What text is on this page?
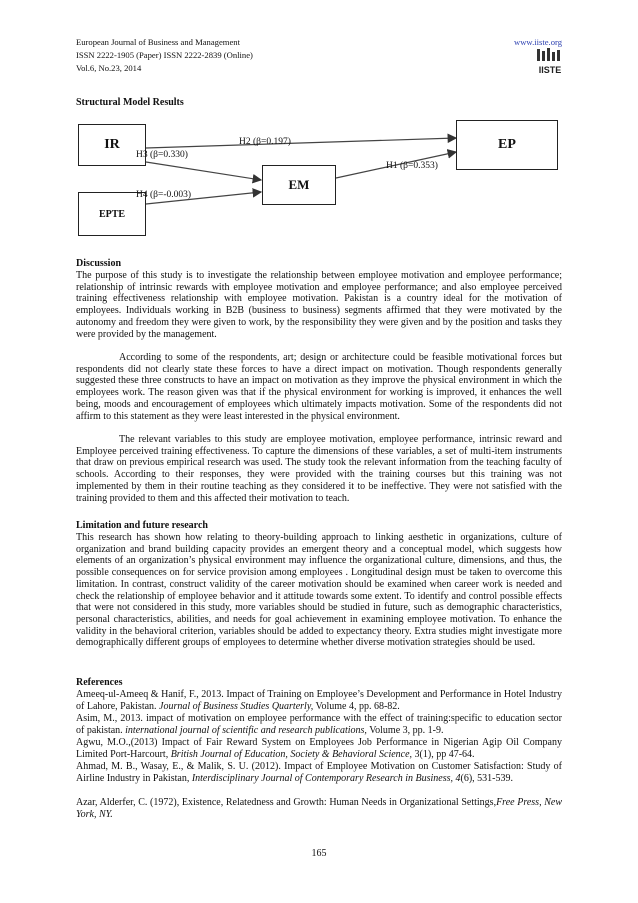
European Journal of Business and Management
ISSN 2222-1905 (Paper) ISSN 2222-2839 (Online)
Vol.6, No.23, 2014
www.iiste.org
IISTE
Structural Model Results
IR
EPTE
EM
EP
H2 (β=0.197)
H3 (β=0.330)
H4 (β=-0.003)
H1 (β=0.353)
Discussion

The purpose of this study is to investigate the relationship between employee motivation and employee performance; relationship of intrinsic rewards with employee motivation and employee performance; and also employee perceived training effectiveness relationship with employee motivation. Pakistan is a country ideal for the motivation of employees. Individuals working in B2B (business to business) segments affirmed that they were motivated by the autonomy and freedom they were given to work, by the responsibility they were given and by the position and tasks they were provided by the management.

According to some of the respondents, art; design or architecture could be feasible motivational forces but respondents did not clearly state these forces to have a direct impact on motivation. Though respondents generally suggested these three constructs to have an impact on motivation as they improve the physical environment in which the employees work. The reason given was that if the physical environment for working is improved, it enhances the well being, moods and encouragement of employees which ultimately impacts motivation. Some of the respondents did not affirm to this statement as they were least interested in the physical environment.

The relevant variables to this study are employee motivation, employee performance, intrinsic reward and Employee perceived training effectiveness. To capture the dimensions of these variables, a set of multi-item instruments that draw on previous empirical research was used. The study took the relevant information from the teaching faculty of schools. According to their responses, they were provided with the training courses but this training was not implemented by them in their routine teaching as they considered it to be ineffective. They were not satisfied with the training provided to them and this affected their motivation to teach.

Limitation and future research

This research has shown how relating to theory-building approach to linking aesthetic in organizations, culture of organization and brand building capacity provides an emergent theory and a conceptual model, which suggests how elements of an organization’s physical environment may influence the organizational culture, dimensions, and thus, the possible consequences on for service provision among employees . Longitudinal design must be taken to overcome this limitation. In contrast, construct validity of the career motivation should be examined when career work is needed and check the relationship of employee behavior and it attitude towards some extent. To identify and control possible effects that were not considered in this study, more variables should be studied in future, such as demographic characteristics, personal characteristics, abilities, and needs for goal achievement in examining employee motivation. To enhance the validity in the behavioral criterion, variables should be added to expectancy theory. Extra studies might investigate more demographically different groups of employees to determine whether diverse motivation strategies should be used.

References

Ameeq-ul-Ameeq & Hanif, F., 2013. Impact of Training on Employee’s Development and Performance in Hotel Industry of Lahore, Pakistan. Journal of Business Studies Quarterly, Volume 4, pp. 68-82.

Asim, M., 2013. impact of motivation on employee performance with the effect of training:specific to education sector of pakistan. international journal of scientific and research publications, Volume 3, pp. 1-9.

Agwu, M.O.,(2013) Impact of Fair Reward System on Employees Job Performance in Nigerian Agip Oil Company Limited Port-Harcourt, British Journal of Education, Society & Behavioral Science, 3(1), pp 47-64.

Ahmad, M. B., Wasay, E., & Malik, S. U. (2012). Impact of Employee Motivation on Customer Satisfaction: Study of Airline Industry in Pakistan, Interdisciplinary Journal of Contemporary Research in Business, 4(6), 531-539.

Azar, Alderfer, C. (1972), Existence, Relatedness and Growth: Human Needs in Organizational Settings,Free Press, New York, NY.

165
